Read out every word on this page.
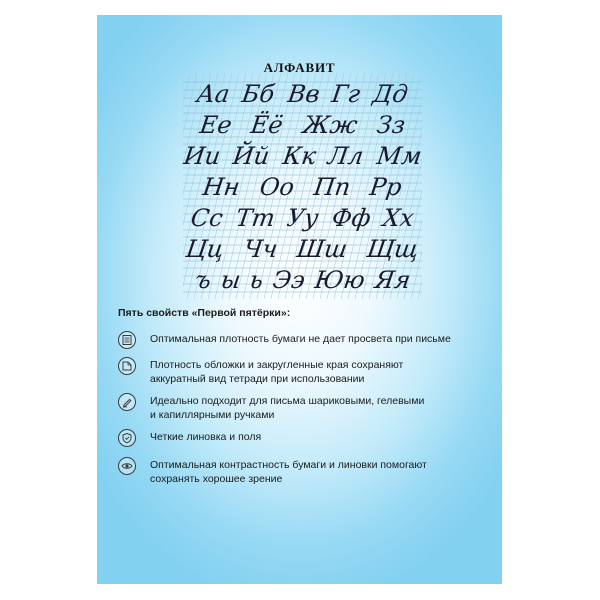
АЛФАВИТ
Аа Бб Вв Гг Дд
Ее Ёё Жж Зз
Ии Йй Кк Лл Мм
Нн Оо Пп Рр
Сс Тт Уу Фф Хх
Цц Чч Шш Щщ
ъ ы ь Ээ Юю Яя
Пять свойств «Первой пятёрки»:
Оптимальная плотность бумаги не дает просвета при письме
Плотность обложки и закругленные края сохраняют
аккуратный вид тетради при использовании
Идеально подходит для письма шариковыми, гелевыми
и капиллярными ручками
Четкие линовка и поля
Оптимальная контрастность бумаги и линовки помогают
сохранять хорошее зрение
